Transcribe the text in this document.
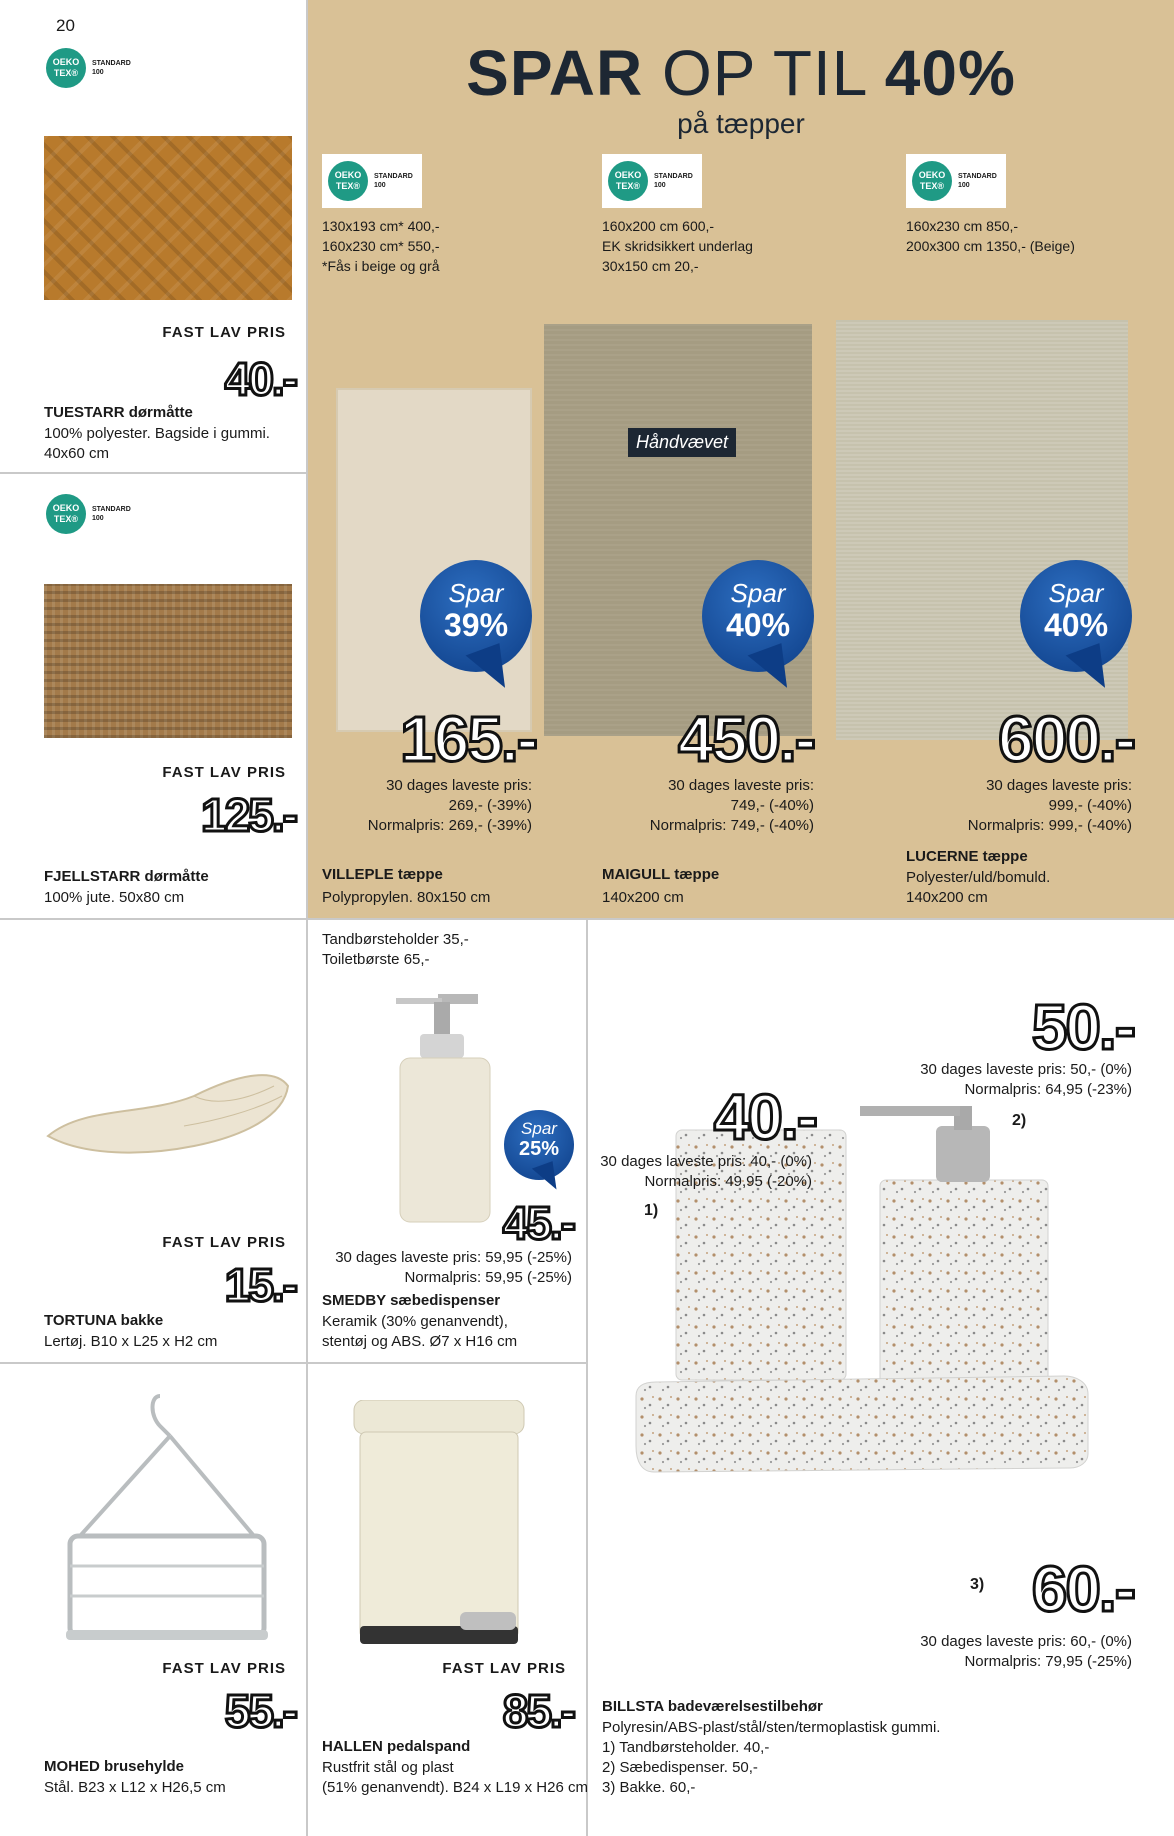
20
OEKO TEX®
STANDARD 100
OEKO TEX®
STANDARD 100
FAST LAV PRIS
40.-
TUESTARR dørmåtte
100% polyester. Bagside i gummi.
40x60 cm
FAST LAV PRIS
125.-
FJELLSTARR dørmåtte
100% jute. 50x80 cm
SPAR OP TIL 40%
på tæpper
OEKO TEX®
STANDARD 100
OEKO TEX®
STANDARD 100
OEKO TEX®
STANDARD 100
130x193 cm* 400,-
160x230 cm* 550,-
*Fås i beige og grå
160x200 cm 600,-
EK skridsikkert underlag
30x150 cm 20,-
160x230 cm 850,-
200x300 cm 1350,- (Beige)
Håndvævet
Spar
39%
Spar
40%
Spar
40%
165.-
30 dages laveste pris:
269,- (-39%)
Normalpris: 269,- (-39%)
VILLEPLE tæppe
Polypropylen. 80x150 cm
450.-
30 dages laveste pris:
749,- (-40%)
Normalpris: 749,- (-40%)
MAIGULL tæppe
140x200 cm
600.-
30 dages laveste pris:
999,- (-40%)
Normalpris: 999,- (-40%)
LUCERNE tæppe
Polyester/uld/bomuld.
140x200 cm
FAST LAV PRIS
15.-
TORTUNA bakke
Lertøj. B10 x L25 x H2 cm
Tandbørsteholder 35,-
Toiletbørste 65,-
Spar
25%
45.-
30 dages laveste pris: 59,95 (-25%)
Normalpris: 59,95 (-25%)
SMEDBY sæbedispenser
Keramik (30% genanvendt),
stentøj og ABS. Ø7 x H16 cm
FAST LAV PRIS
55.-
MOHED brusehylde
Stål. B23 x L12 x H26,5 cm
FAST LAV PRIS
85.-
HALLEN pedalspand
Rustfrit stål og plast
(51% genanvendt). B24 x L19 x H26 cm
40.-
30 dages laveste pris: 40,- (0%)
Normalpris: 49,95 (-20%)
1)
50.-
30 dages laveste pris: 50,- (0%)
Normalpris: 64,95 (-23%)
2)
3) 60.-
30 dages laveste pris: 60,- (0%)
Normalpris: 79,95 (-25%)
BILLSTA badeværelsestilbehør
Polyresin/ABS-plast/stål/sten/termoplastisk gummi.
1) Tandbørsteholder. 40,-
2) Sæbedispenser. 50,-
3) Bakke. 60,-
